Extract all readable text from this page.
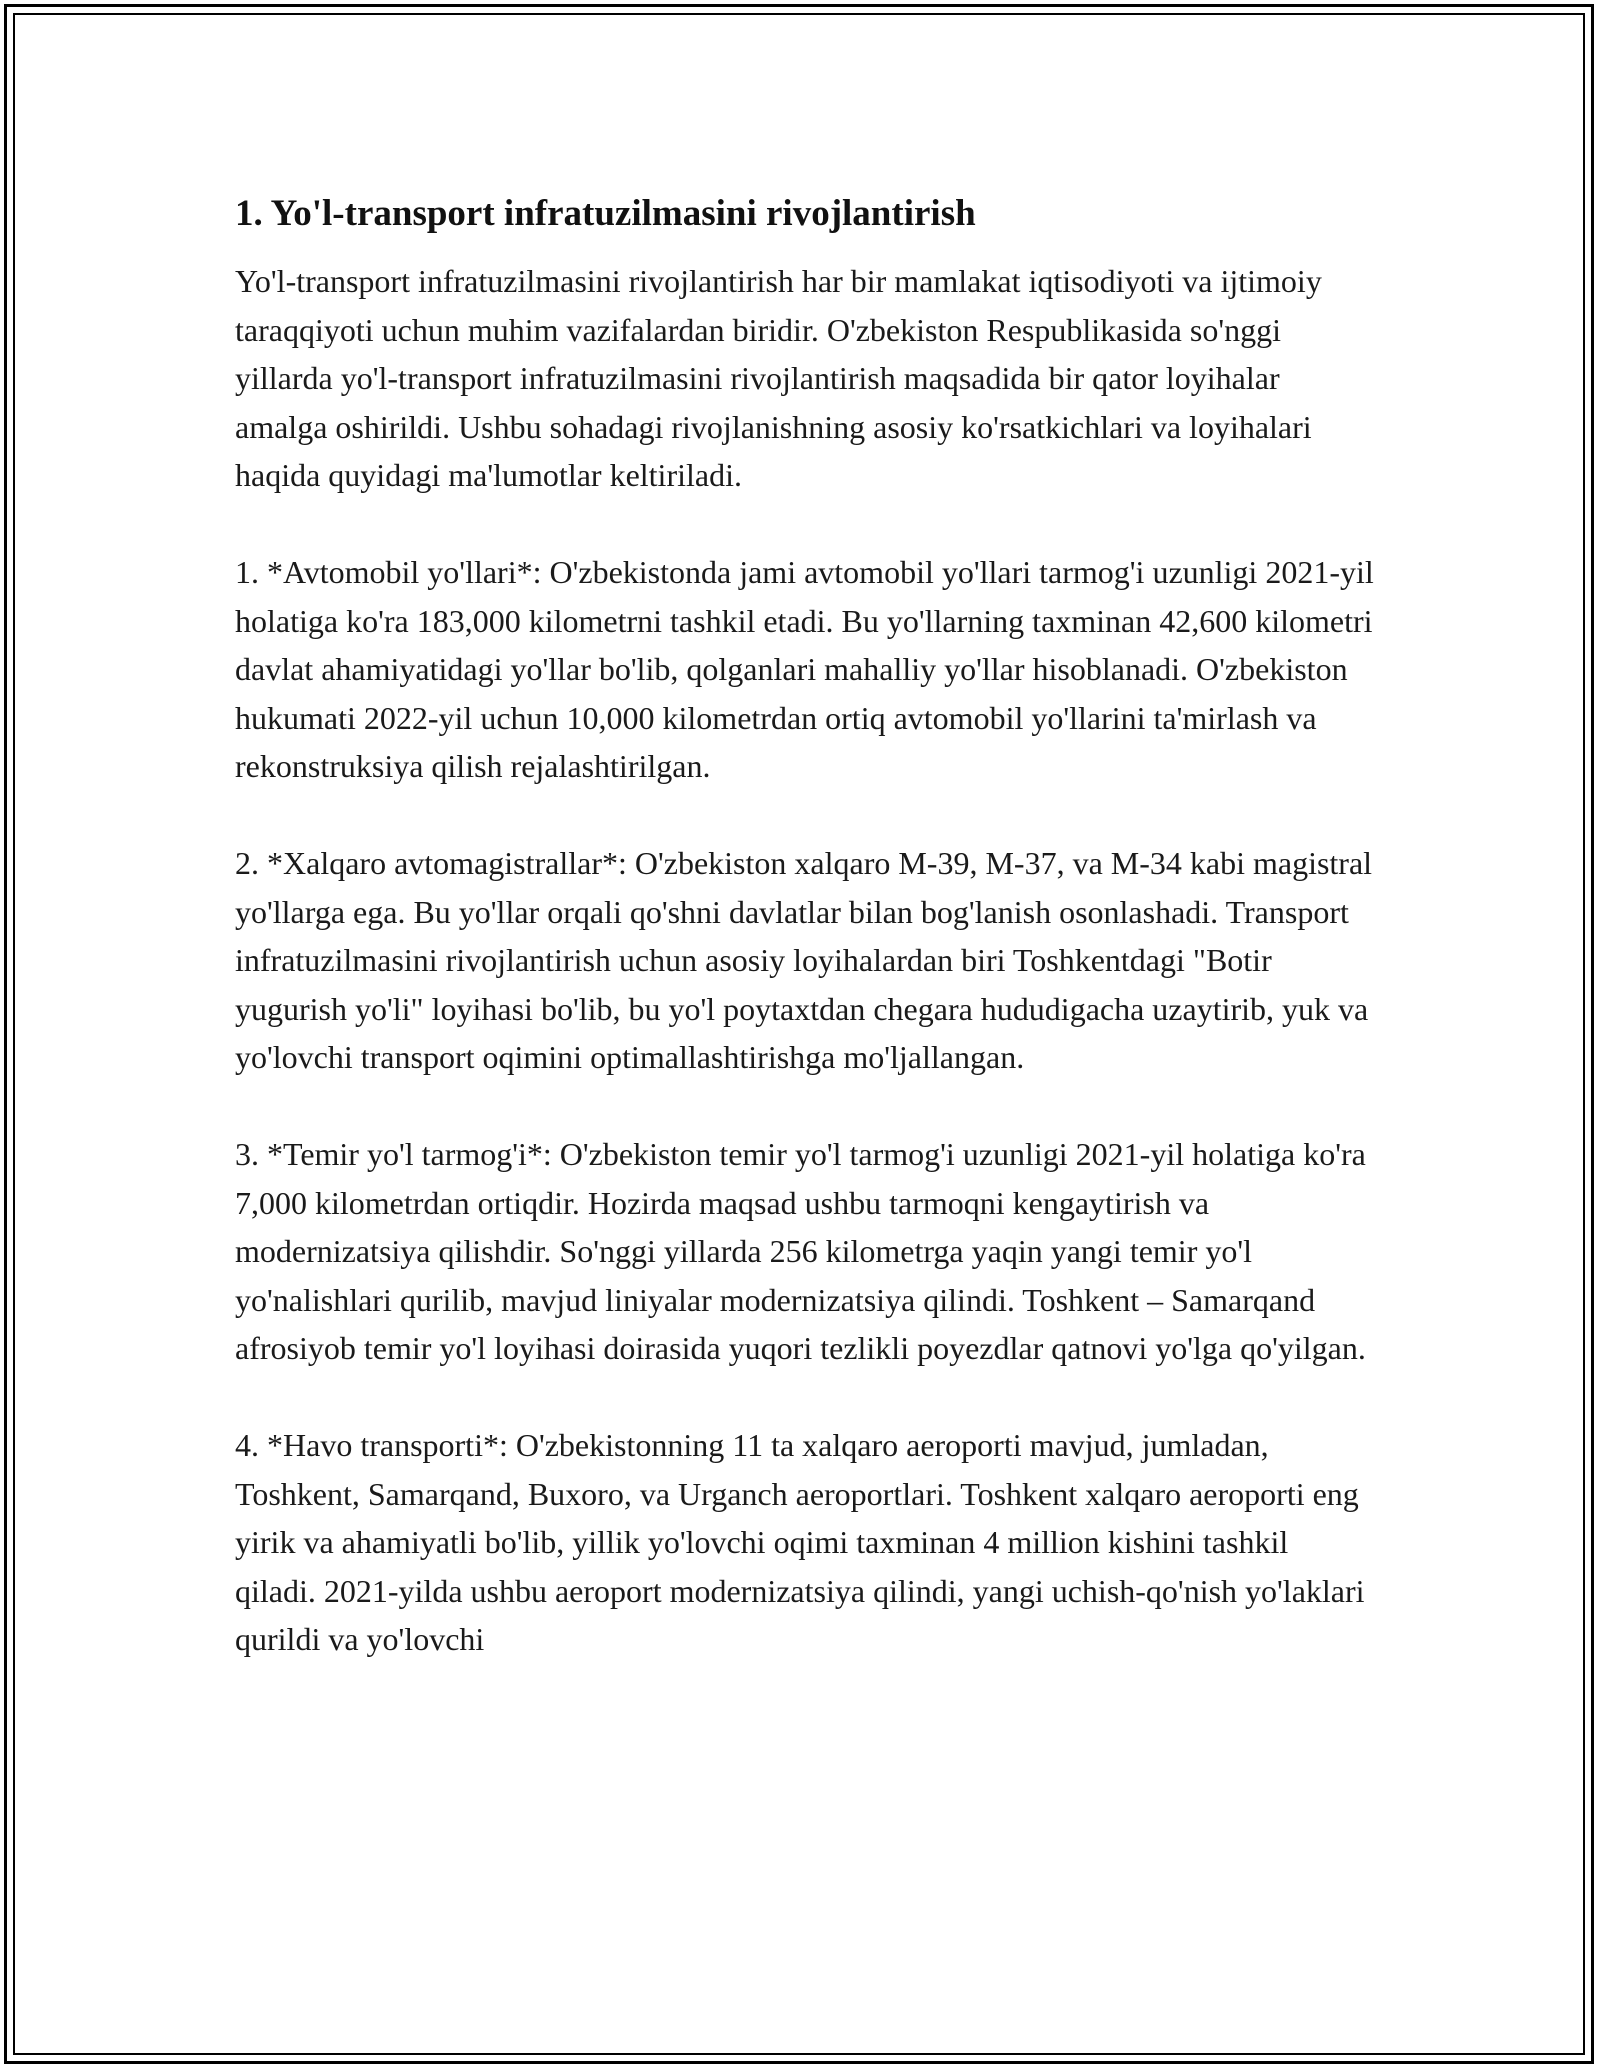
1. Yo'l-transport infratuzilmasini rivojlantirish

Yo'l-transport infratuzilmasini rivojlantirish har bir mamlakat iqtisodiyoti va ijtimoiy taraqqiyoti uchun muhim vazifalardan biridir. O'zbekiston Respublikasida so'nggi yillarda yo'l-transport infratuzilmasini rivojlantirish maqsadida bir qator loyihalar amalga oshirildi. Ushbu sohadagi rivojlanishning asosiy ko'rsatkichlari va loyihalari haqida quyidagi ma'lumotlar keltiriladi.

1. *Avtomobil yo'llari*: O'zbekistonda jami avtomobil yo'llari tarmog'i uzunligi 2021-yil holatiga ko'ra 183,000 kilometrni tashkil etadi. Bu yo'llarning taxminan 42,600 kilometri davlat ahamiyatidagi yo'llar bo'lib, qolganlari mahalliy yo'llar hisoblanadi. O'zbekiston hukumati 2022-yil uchun 10,000 kilometrdan ortiq avtomobil yo'llarini ta'mirlash va rekonstruksiya qilish rejalashtirilgan.

2. *Xalqaro avtomagistrallar*: O'zbekiston xalqaro M-39, M-37, va M-34 kabi magistral yo'llarga ega. Bu yo'llar orqali qo'shni davlatlar bilan bog'lanish osonlashadi. Transport infratuzilmasini rivojlantirish uchun asosiy loyihalardan biri Toshkentdagi "Botir yugurish yo'li" loyihasi bo'lib, bu yo'l poytaxtdan chegara hududigacha uzaytirib, yuk va yo'lovchi transport oqimini optimallashtirishga mo'ljallangan.

3. *Temir yo'l tarmog'i*: O'zbekiston temir yo'l tarmog'i uzunligi 2021-yil holatiga ko'ra 7,000 kilometrdan ortiqdir. Hozirda maqsad ushbu tarmoqni kengaytirish va modernizatsiya qilishdir. So'nggi yillarda 256 kilometrga yaqin yangi temir yo'l yo'nalishlari qurilib, mavjud liniyalar modernizatsiya qilindi. Toshkent – Samarqand afrosiyob temir yo'l loyihasi doirasida yuqori tezlikli poyezdlar qatnovi yo'lga qo'yilgan.

4. *Havo transporti*: O'zbekistonning 11 ta xalqaro aeroporti mavjud, jumladan, Toshkent, Samarqand, Buxoro, va Urganch aeroportlari. Toshkent xalqaro aeroporti eng yirik va ahamiyatli bo'lib, yillik yo'lovchi oqimi taxminan 4 million kishini tashkil qiladi. 2021-yilda ushbu aeroport modernizatsiya qilindi, yangi uchish-qo'nish yo'laklari qurildi va yo'lovchi
